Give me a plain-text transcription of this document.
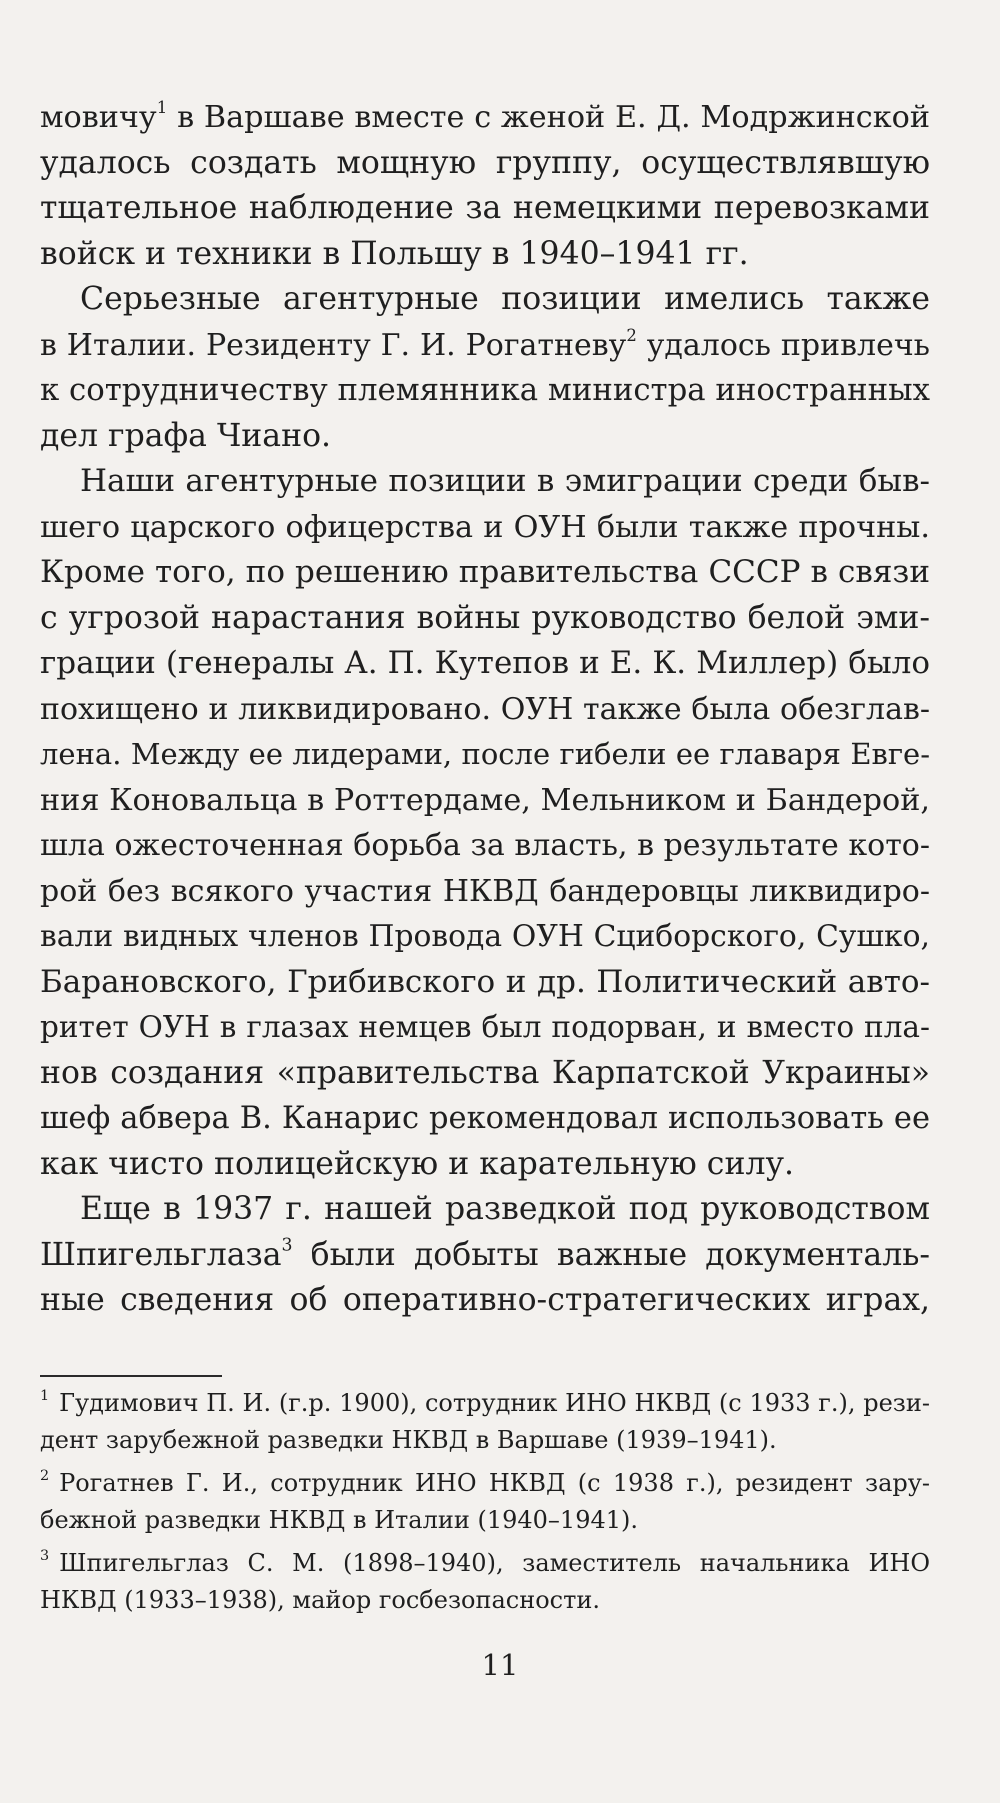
мовичу$^1$ в Варшаве вместе с женой Е. Д. Модржинской
удалось создать мощную группу, осуществлявшую
тщательное наблюдение за немецкими перевозками
войск и техники в Польшу в 1940–1941 гг.
Серьезные агентурные позиции имелись также
в Италии. Резиденту Г. И. Рогатневу$^2$ удалось привлечь
к сотрудничеству племянника министра иностранных
дел графа Чиано.
Наши агентурные позиции в эмиграции среди быв-
шего царского офицерства и ОУН были также прочны.
Кроме того, по решению правительства СССР в связи
с угрозой нарастания войны руководство белой эми-
грации (генералы А. П. Кутепов и Е. К. Миллер) было
похищено и ликвидировано. ОУН также была обезглав-
лена. Между ее лидерами, после гибели ее главаря Евге-
ния Коновальца в Роттердаме, Мельником и Бандерой,
шла ожесточенная борьба за власть, в результате кото-
рой без всякого участия НКВД бандеровцы ликвидиро-
вали видных членов Провода ОУН Сциборского, Сушко,
Барановского, Грибивского и др. Политический авто-
ритет ОУН в глазах немцев был подорван, и вместо пла-
нов создания «правительства Карпатской Украины»
шеф абвера В. Канарис рекомендовал использовать ее
как чисто полицейскую и карательную силу.
Еще в 1937 г. нашей разведкой под руководством
Шпигельглаза$^3$ были добыты важные документаль-
ные сведения об оперативно-стратегических играх,
$^1$ Гудимович П. И. (г.р. 1900), сотрудник ИНО НКВД (с 1933 г.), рези-
дент зарубежной разведки НКВД в Варшаве (1939–1941).
$^2$ Рогатнев Г. И., сотрудник ИНО НКВД (с 1938 г.), резидент зару-
бежной разведки НКВД в Италии (1940–1941).
$^3$ Шпигельглаз С. М. (1898–1940), заместитель начальника ИНО
НКВД (1933–1938), майор госбезопасности.
11
